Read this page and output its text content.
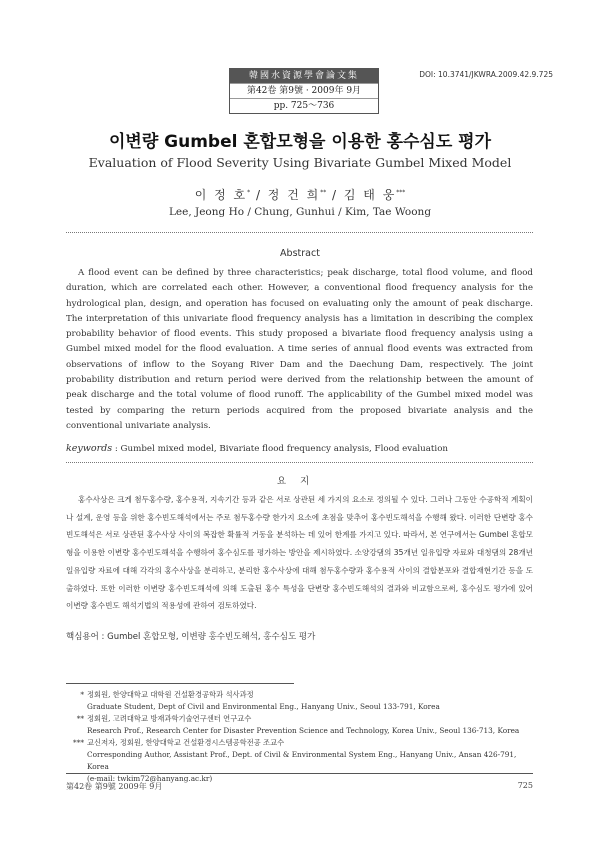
韓國水資源學會論文集
第42卷 第9號 · 2009年 9月
pp. 725～736
DOI: 10.3741/JKWRA.2009.42.9.725
이변량 Gumbel 혼합모형을 이용한 홍수심도 평가
Evaluation of Flood Severity Using Bivariate Gumbel Mixed Model
이 정 호* / 정 건 희** / 김 태 웅***
Lee, Jeong Ho / Chung, Gunhui / Kim, Tae Woong
Abstract
A flood event can be defined by three characteristics; peak discharge, total flood volume, and flood duration, which are correlated each other. However, a conventional flood frequency analysis for the hydrological plan, design, and operation has focused on evaluating only the amount of peak discharge. The interpretation of this univariate flood frequency analysis has a limitation in describing the complex probability behavior of flood events. This study proposed a bivariate flood frequency analysis using a Gumbel mixed model for the flood evaluation. A time series of annual flood events was extracted from observations of inflow to the Soyang River Dam and the Daechung Dam, respectively. The joint probability distribution and return period were derived from the relationship between the amount of peak discharge and the total volume of flood runoff. The applicability of the Gumbel mixed model was tested by comparing the return periods acquired from the proposed bivariate analysis and the conventional univariate analysis.
keywords : Gumbel mixed model, Bivariate flood frequency analysis, Flood evaluation
요지
홍수사상은 크게 첨두홍수량, 홍수용적, 지속기간 등과 같은 서로 상관된 세 가지의 요소로 정의될 수 있다. 그러나 그동안 수공학적 계획이나 설계, 운영 등을 위한 홍수빈도해석에서는 주로 첨두홍수량 한가지 요소에 초점을 맞추어 홍수빈도해석을 수행해 왔다. 이러한 단변량 홍수빈도해석은 서로 상관된 홍수사상 사이의 복잡한 확률적 거동을 분석하는 데 있어 한계를 가지고 있다. 따라서, 본 연구에서는 Gumbel 혼합모형을 이용한 이변량 홍수빈도해석을 수행하여 홍수심도를 평가하는 방안을 제시하였다. 소양강댐의 35개년 일유입량 자료와 대청댐의 28개년 일유입량 자료에 대해 각각의 홍수사상을 분리하고, 분리한 홍수사상에 대해 첨두홍수량과 홍수용적 사이의 결합분포와 결합재현기간 등을 도출하였다. 또한 이러한 이변량 홍수빈도해석에 의해 도출된 홍수 특성을 단변량 홍수빈도해석의 결과와 비교함으로써, 홍수심도 평가에 있어 이변량 홍수빈도 해석기법의 적용성에 관하여 검토하였다.
핵심용어 : Gumbel 혼합모형, 이변량 홍수빈도해석, 홍수심도 평가
* 정회원, 한양대학교 대학원 건설환경공학과 석사과정
Graduate Student, Dept of Civil and Environmental Eng., Hanyang Univ., Seoul 133-791, Korea
** 정회원, 고려대학교 방재과학기술연구센터 연구교수
Research Prof., Research Center for Disaster Prevention Science and Technology, Korea Univ., Seoul 136-713, Korea
*** 교신저자, 정회원, 한양대학교 건설환경시스템공학전공 조교수
Corresponding Author, Assistant Prof., Dept. of Civil & Environmental System Eng., Hanyang Univ., Ansan 426-791, Korea
(e-mail: twkim72@hanyang.ac.kr)
第42卷 第9號 2009年 9月	725
